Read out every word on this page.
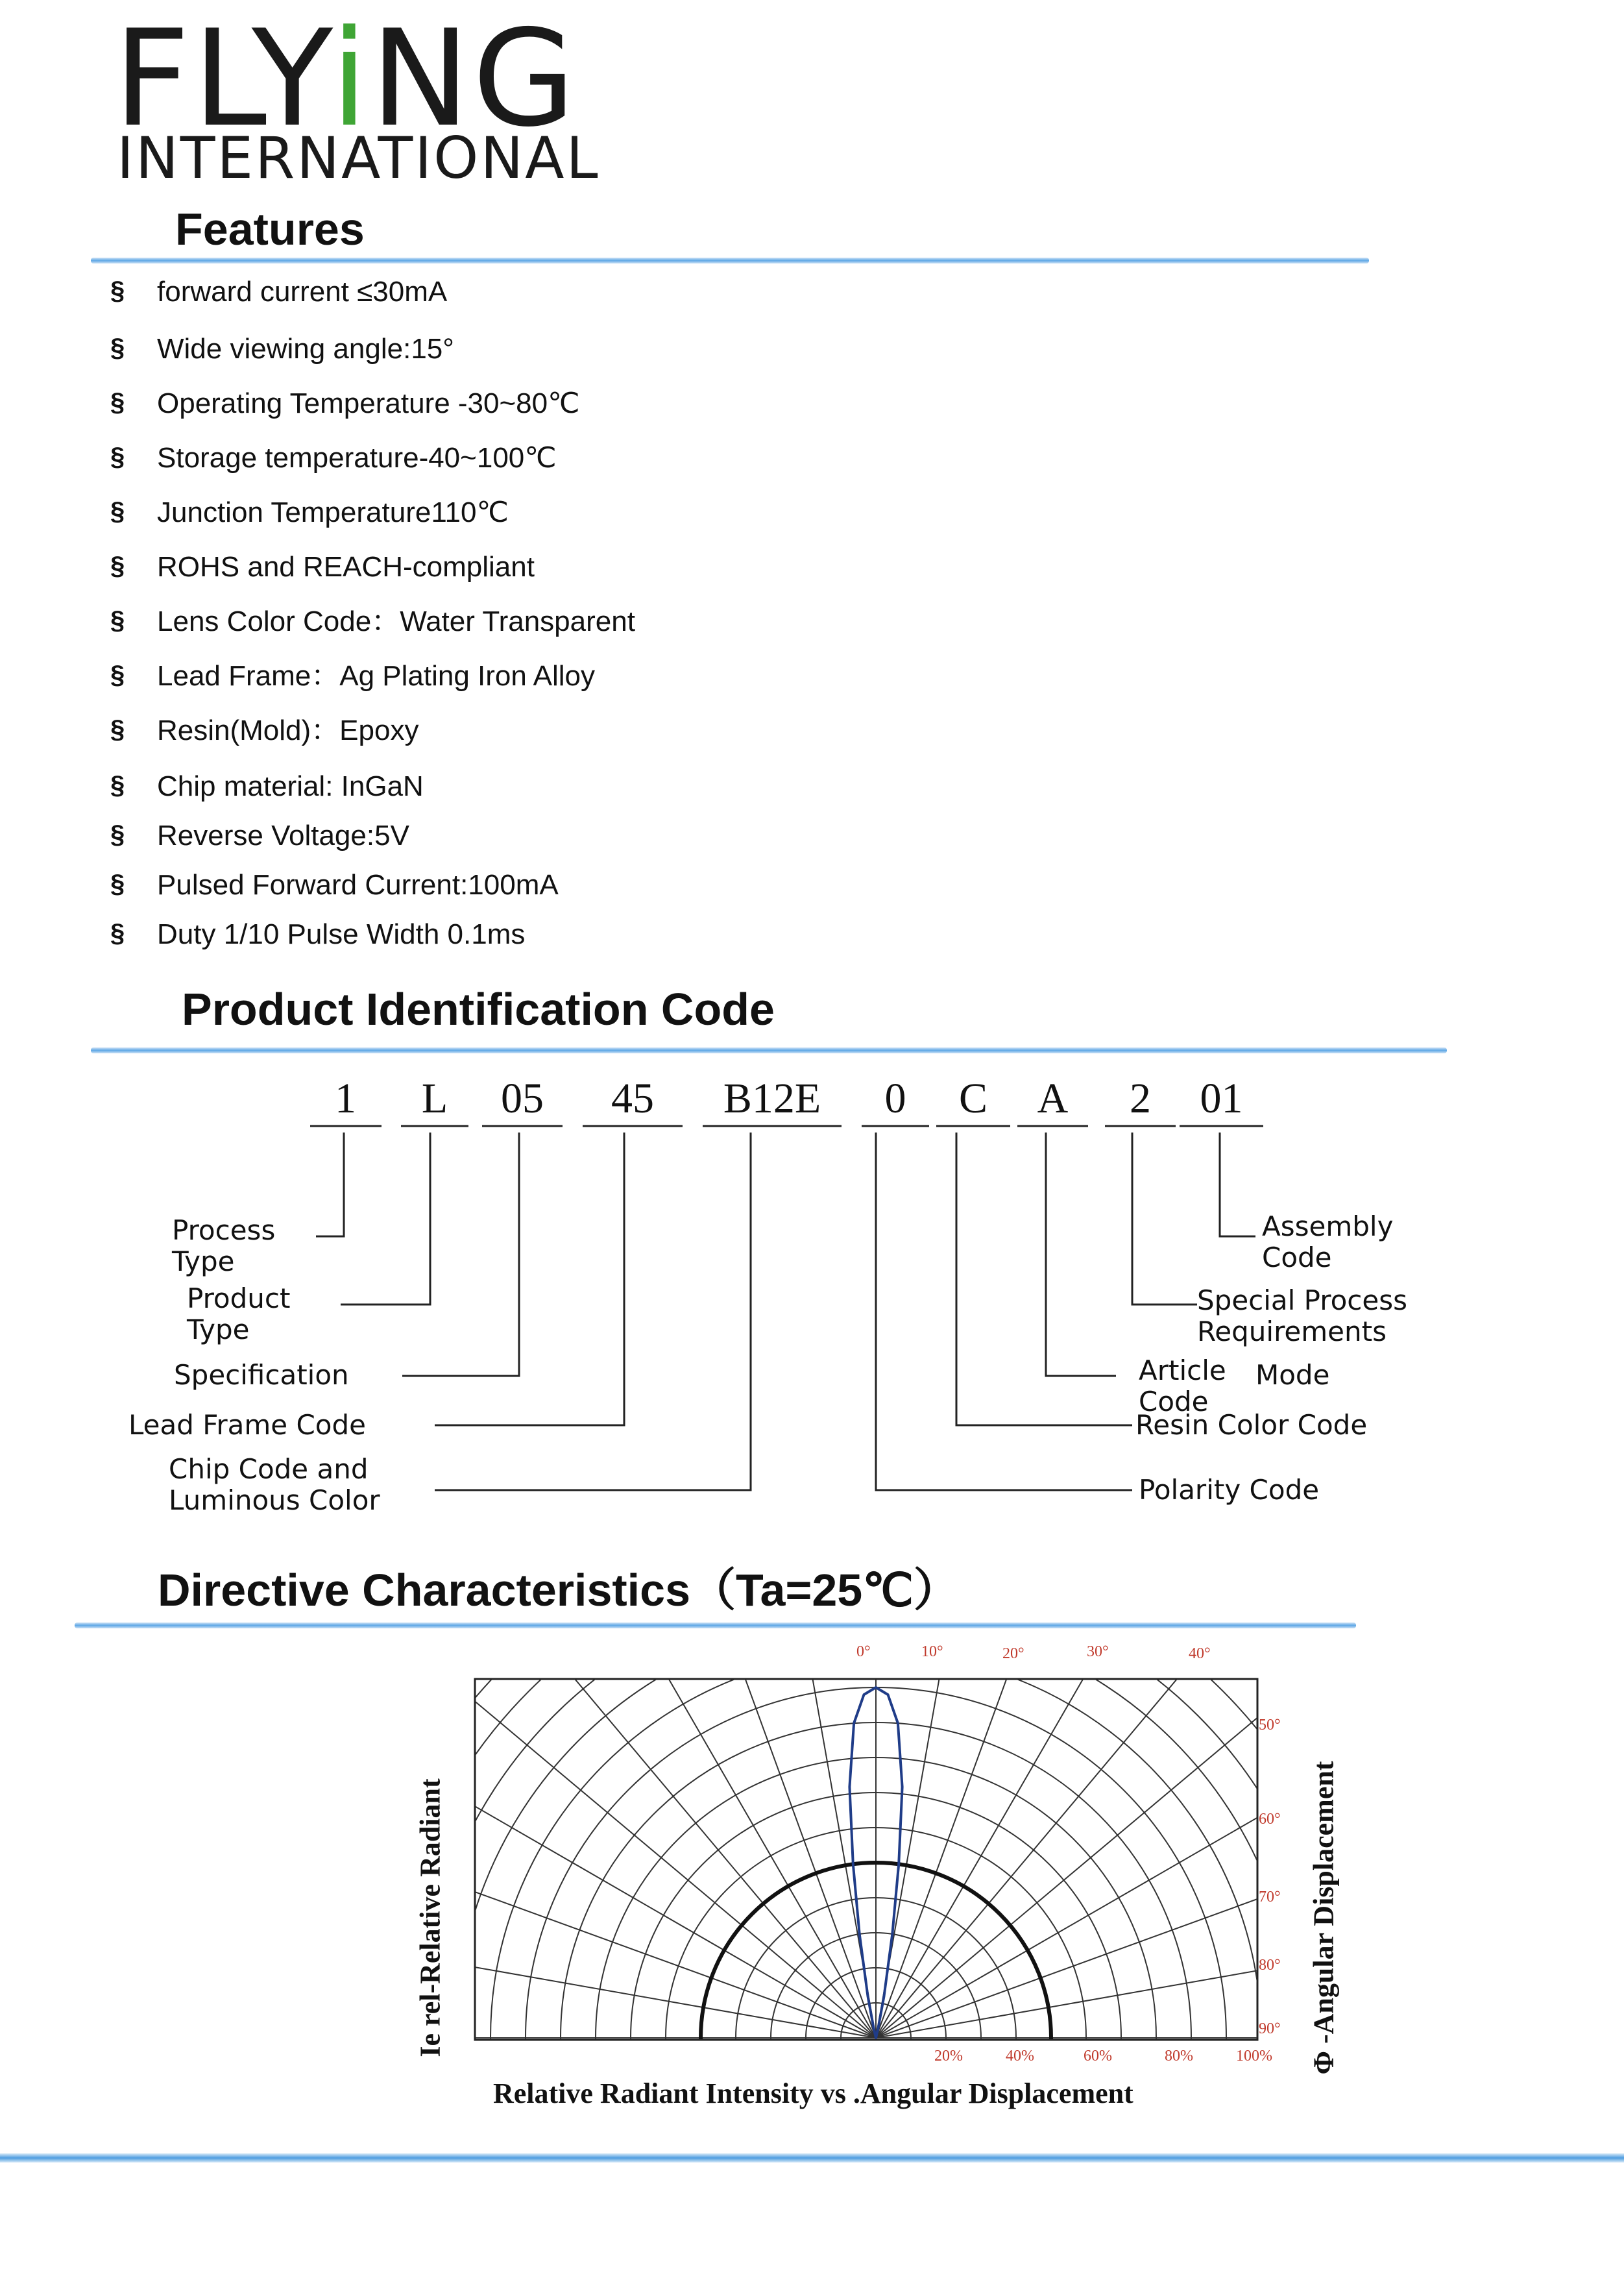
FLYiNG
INTERNATIONAL
Features
§ forward current ≤30mA
§ Wide viewing angle:15°
§ Operating Temperature -30~80℃
§ Storage temperature-40~100℃
§ Junction Temperature110℃
§ ROHS and REACH-compliant
§ Lens Color Code：Water Transparent
§ Lead Frame：Ag Plating Iron Alloy
§ Resin(Mold)：Epoxy
§ Chip material: InGaN
§ Reverse Voltage:5V
§ Pulsed Forward Current:100mA
§ Duty 1/10 Pulse Width 0.1ms
Product Identification Code
1	L	05	45	B12E	0	C	A	2	01
Process
Type
Product
Type
Specification
Lead Frame Code
Chip Code and
Luminous Color
Assembly
Code
Special Process
Requirements
Article
Code
Mode
Resin Color Code
Polarity Code
Directive Characteristics（Ta=25℃）
0°	10°	20°	30°	40°
50°
60°
70°
80°
90°
20%	40%	60%	80%	100%
Ie rel-Relative Radiant	Φ -Angular Displacement
Relative Radiant Intensity vs .Angular Displacement
